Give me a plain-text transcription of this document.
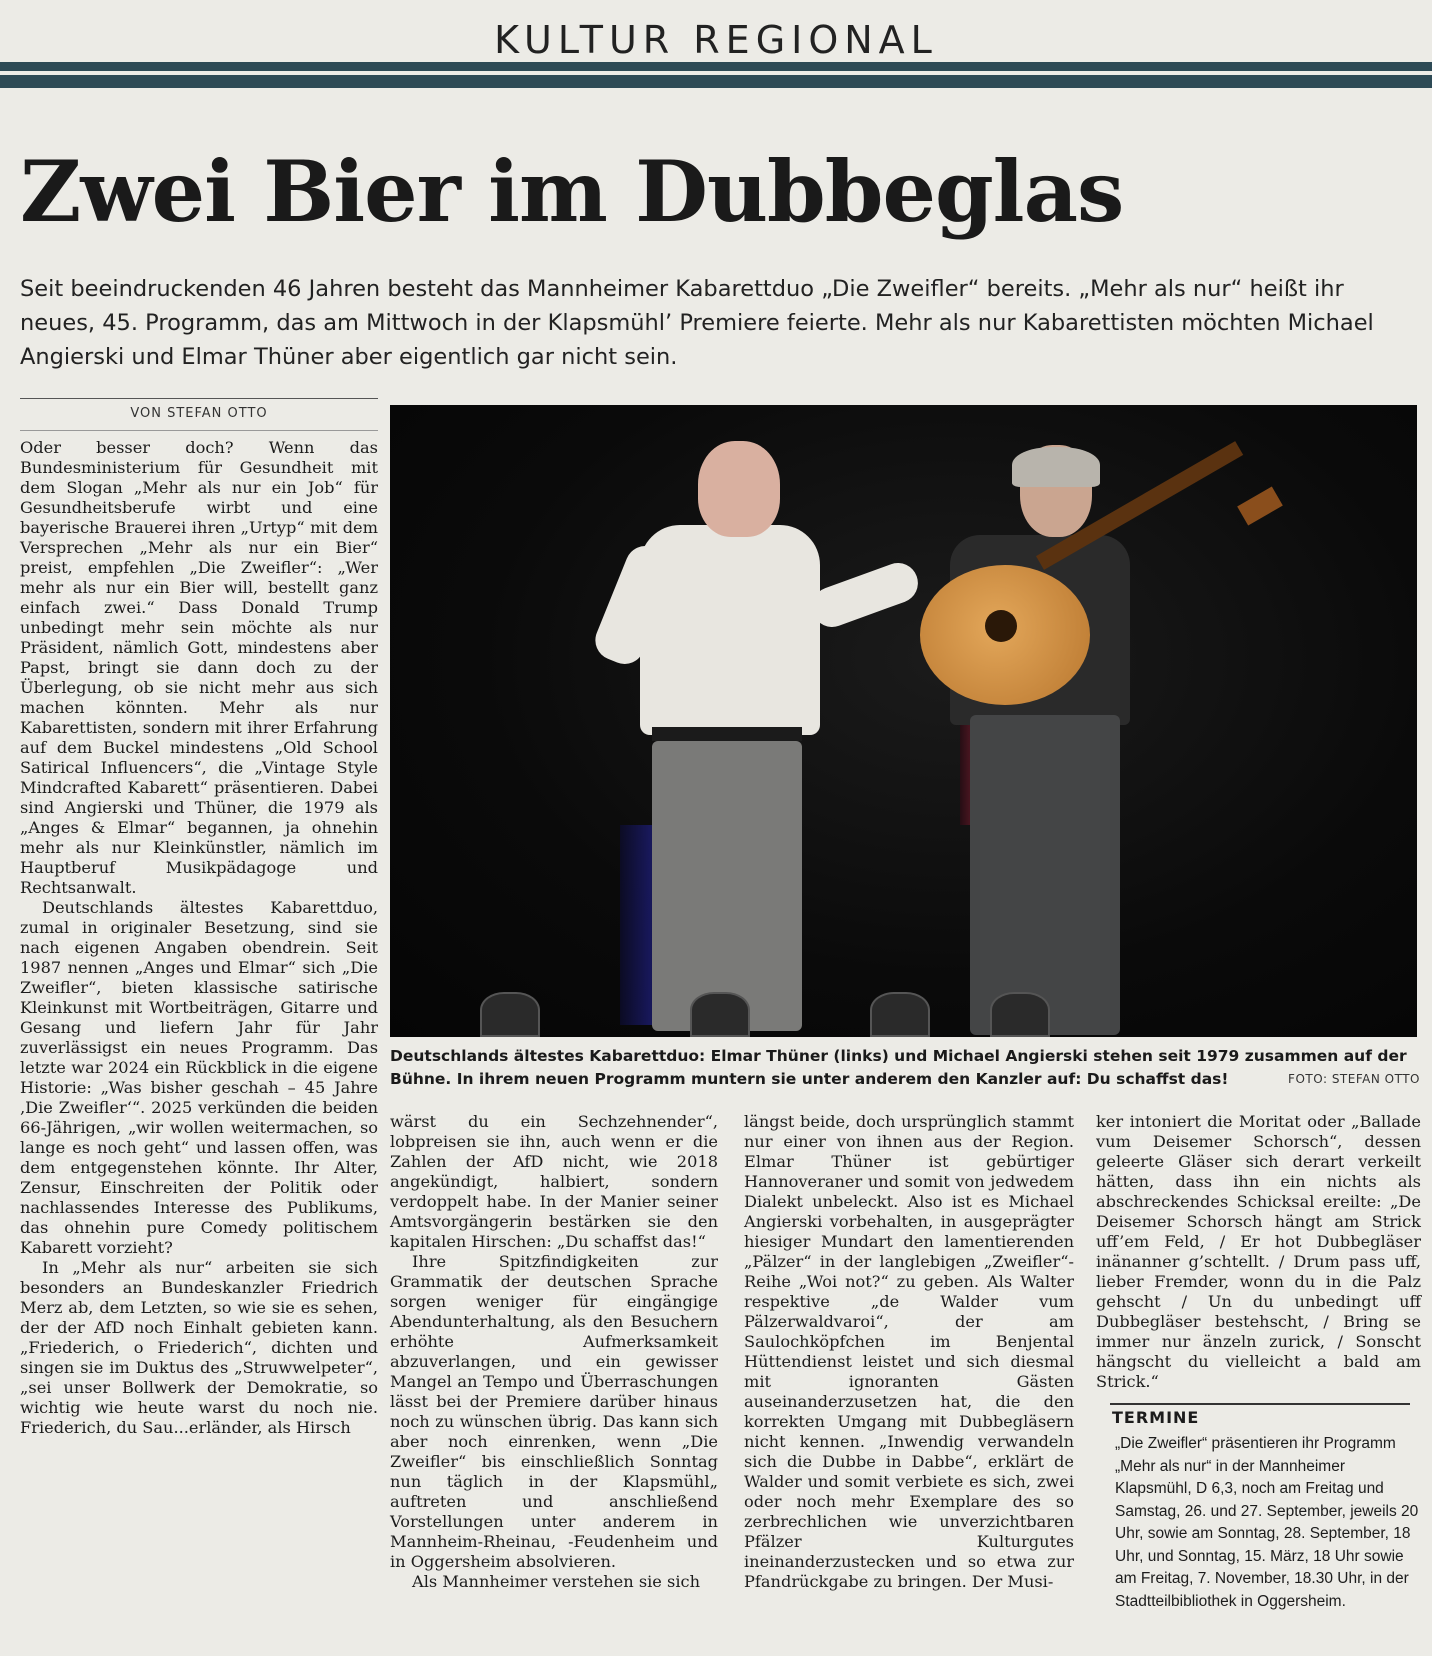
KULTUR REGIONAL
Zwei Bier im Dubbeglas
Seit beeindruckenden 46 Jahren besteht das Mannheimer Kabarettduo „Die Zweifler“ bereits. „Mehr als nur“ heißt ihr neues, 45. Programm, das am Mittwoch in der Klapsmühl’ Premiere feierte. Mehr als nur Kabarettisten möchten Michael Angierski und Elmar Thüner aber eigentlich gar nicht sein.
VON STEFAN OTTO

Oder besser doch? Wenn das Bundesministerium für Gesundheit mit dem Slogan „Mehr als nur ein Job“ für Gesundheitsberufe wirbt und eine bayerische Brauerei ihren „Urtyp“ mit dem Versprechen „Mehr als nur ein Bier“ preist, empfehlen „Die Zweifler“: „Wer mehr als nur ein Bier will, bestellt ganz einfach zwei.“ Dass Donald Trump unbedingt mehr sein möchte als nur Präsident, nämlich Gott, mindestens aber Papst, bringt sie dann doch zu der Überlegung, ob sie nicht mehr aus sich machen könnten. Mehr als nur Kabarettisten, sondern mit ihrer Erfahrung auf dem Buckel mindestens „Old School Satirical Influencers“, die „Vintage Style Mindcrafted Kabarett“ präsentieren. Dabei sind Angierski und Thüner, die 1979 als „Anges & Elmar“ begannen, ja ohnehin mehr als nur Kleinkünstler, nämlich im Hauptberuf Musikpädagoge und Rechtsanwalt.

Deutschlands ältestes Kabarettduo, zumal in originaler Besetzung, sind sie nach eigenen Angaben obendrein. Seit 1987 nennen „Anges und Elmar“ sich „Die Zweifler“, bieten klassische satirische Kleinkunst mit Wortbeiträgen, Gitarre und Gesang und liefern Jahr für Jahr zuverlässigst ein neues Programm. Das letzte war 2024 ein Rückblick in die eigene Historie: „Was bisher geschah – 45 Jahre ‚Die Zweifler‘“. 2025 verkünden die beiden 66-Jährigen, „wir wollen weitermachen, so lange es noch geht“ und lassen offen, was dem entgegenstehen könnte. Ihr Alter, Zensur, Einschreiten der Politik oder nachlassendes Interesse des Publikums, das ohnehin pure Comedy politischem Kabarett vorzieht?

In „Mehr als nur“ arbeiten sie sich besonders an Bundeskanzler Friedrich Merz ab, dem Letzten, so wie sie es sehen, der der AfD noch Einhalt gebieten kann. „Friederich, o Friederich“, dichten und singen sie im Duktus des „Struwwelpeter“, „sei unser Bollwerk der Demokratie, so wichtig wie heute warst du noch nie. Friederich, du Sau...erländer, als Hirsch

Deutschlands ältestes Kabarettduo: Elmar Thüner (links) und Michael Angierski stehen seit 1979 zusammen auf der Bühne. In ihrem neuen Programm muntern sie unter anderem den Kanzler auf: Du schaffst das!	FOTO: STEFAN OTTO

wärst du ein Sechzehnender“, lobpreisen sie ihn, auch wenn er die Zahlen der AfD nicht, wie 2018 angekündigt, halbiert, sondern verdoppelt habe. In der Manier seiner Amtsvorgängerin bestärken sie den kapitalen Hirschen: „Du schaffst das!“

Ihre Spitzfindigkeiten zur Grammatik der deutschen Sprache sorgen weniger für eingängige Abendunterhaltung, als den Besuchern erhöhte Aufmerksamkeit abzuverlangen, und ein gewisser Mangel an Tempo und Überraschungen lässt bei der Premiere darüber hinaus noch zu wünschen übrig. Das kann sich aber noch einrenken, wenn „Die Zweifler“ bis einschließlich Sonntag nun täglich in der Klapsmühl„ auftreten und anschließend Vorstellungen unter anderem in Mannheim-Rheinau, -Feudenheim und in Oggersheim absolvieren.

Als Mannheimer verstehen sie sich

längst beide, doch ursprünglich stammt nur einer von ihnen aus der Region. Elmar Thüner ist gebürtiger Hannoveraner und somit von jedwedem Dialekt unbeleckt. Also ist es Michael Angierski vorbehalten, in ausgeprägter hiesiger Mundart den lamentierenden „Pälzer“ in der langlebigen „Zweifler“-Reihe „Woi not?“ zu geben. Als Walter respektive „de Walder vum Pälzerwaldvaroi“, der am Saulochköpfchen im Benjental Hüttendienst leistet und sich diesmal mit ignoranten Gästen auseinanderzusetzen hat, die den korrekten Umgang mit Dubbegläsern nicht kennen. „Inwendig verwandeln sich die Dubbe in Dabbe“, erklärt de Walder und somit verbiete es sich, zwei oder noch mehr Exemplare des so zerbrechlichen wie unverzichtbaren Pfälzer Kulturgutes ineinanderzustecken und so etwa zur Pfandrückgabe zu bringen. Der Musi-

ker intoniert die Moritat oder „Ballade vum Deisemer Schorsch“, dessen geleerte Gläser sich derart verkeilt hätten, dass ihn ein nichts als abschreckendes Schicksal ereilte: „De Deisemer Schorsch hängt am Strick uff’em Feld, / Er hot Dubbegläser inänanner g’schtellt. / Drum pass uff, lieber Fremder, wonn du in die Palz gehscht / Un du unbedingt uff Dubbegläser bestehscht, / Bring se immer nur änzeln zurick, / Sonscht hängscht du vielleicht a bald am Strick.“

TERMINE
„Die Zweifler“ präsentieren ihr Programm „Mehr als nur“ in der Mannheimer Klapsmühl, D 6,3, noch am Freitag und Samstag, 26. und 27. September, jeweils 20 Uhr, sowie am Sonntag, 28. September, 18 Uhr, und Sonntag, 15. März, 18 Uhr sowie am Freitag, 7. November, 18.30 Uhr, in der Stadtteilbibliothek in Oggersheim.
